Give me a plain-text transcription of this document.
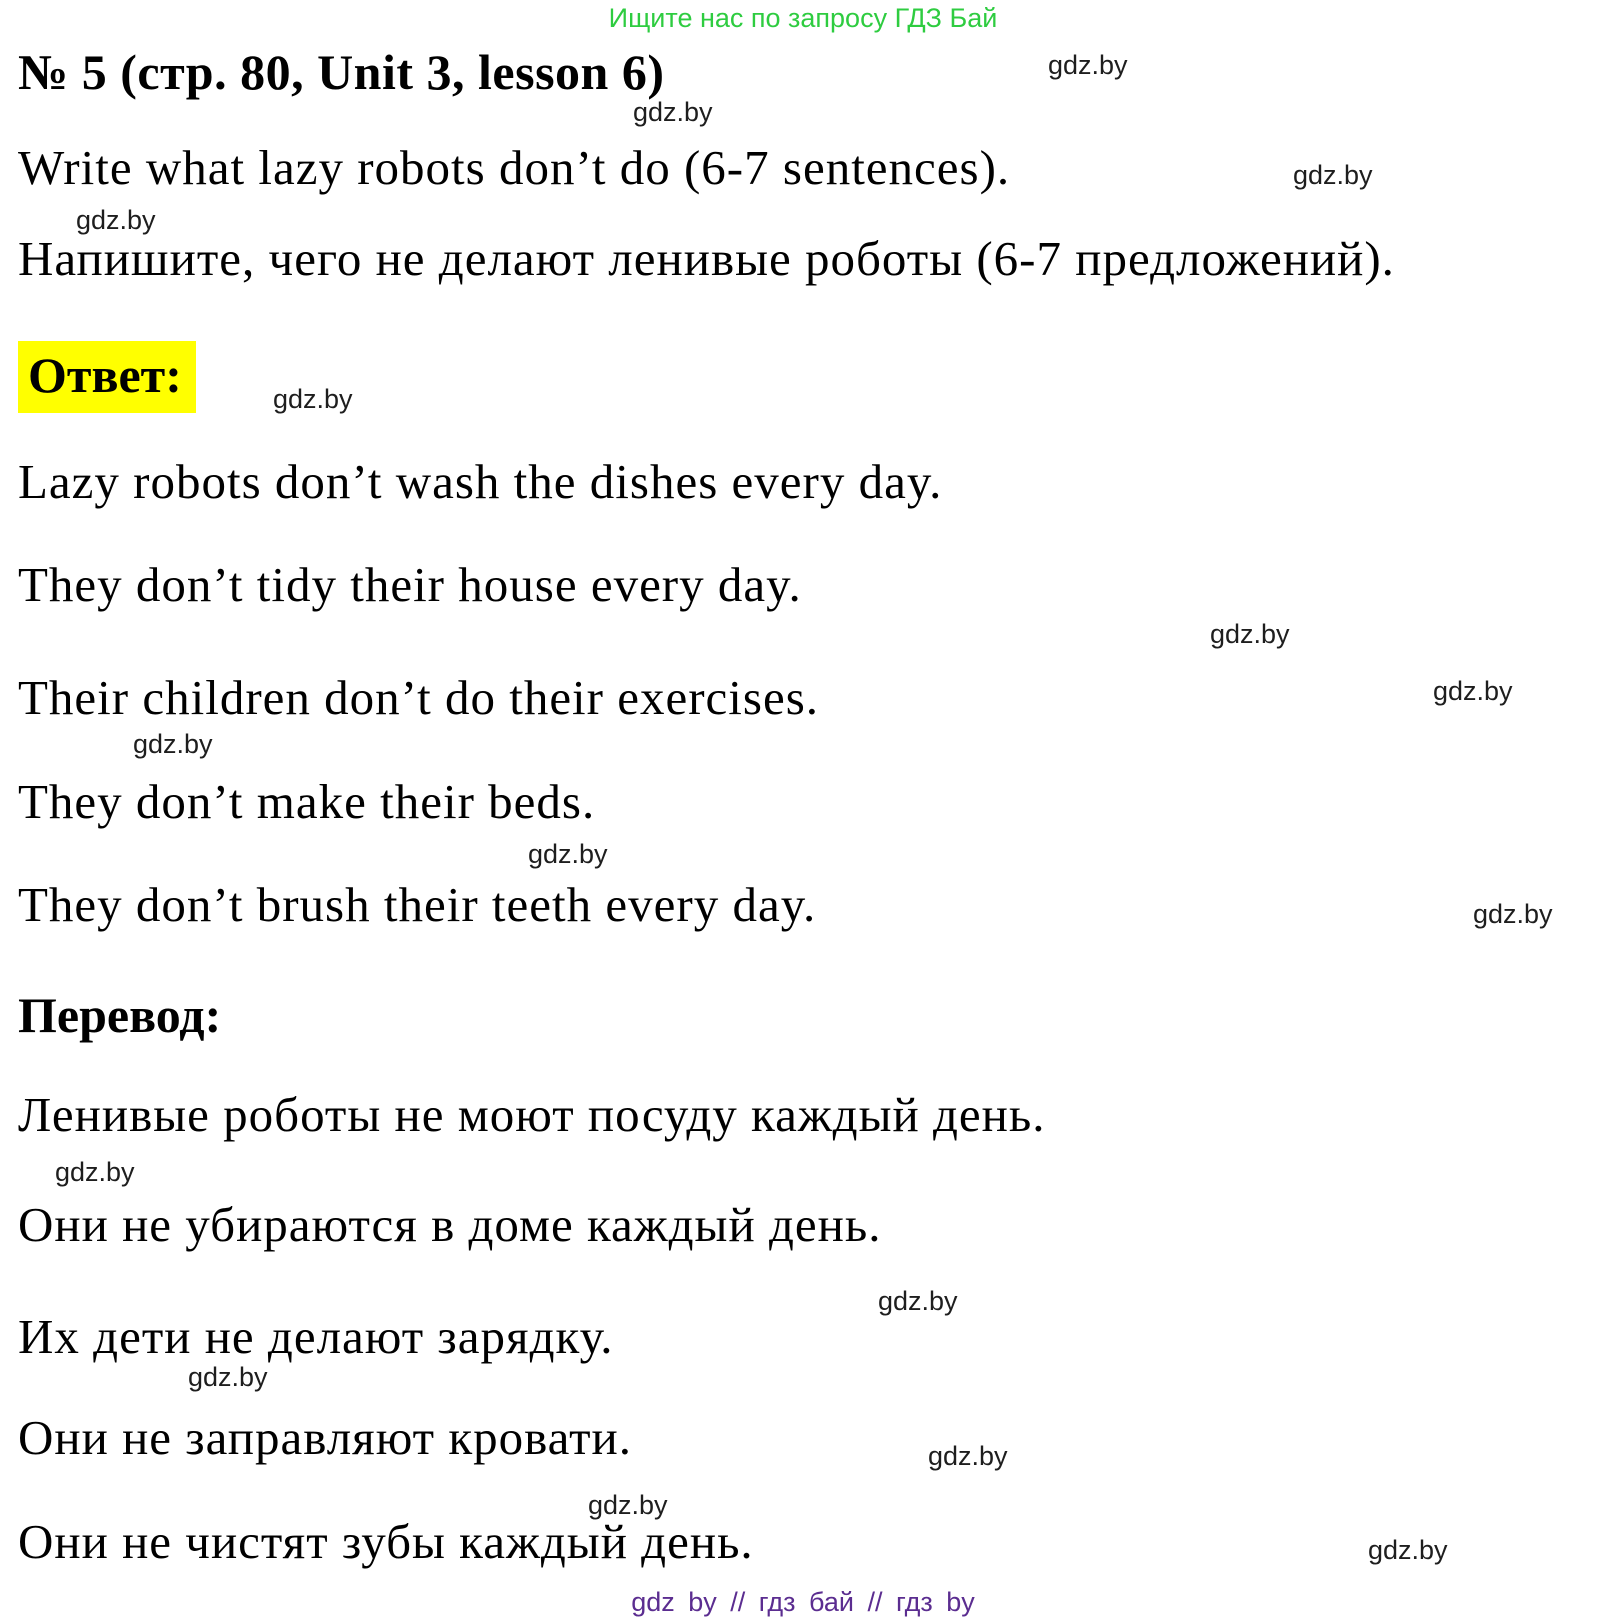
Ищите нас по запросу ГДЗ Бай
№ 5 (стр. 80, Unit 3, lesson 6)
Write what lazy robots don’t do (6-7 sentences).
Напишите, чего не делают ленивые роботы (6-7 предложений).
Ответ:
Lazy robots don’t wash the dishes every day.
They don’t tidy their house every day.
Their children don’t do their exercises.
They don’t make their beds.
They don’t brush their teeth every day.
Перевод:
Ленивые роботы не моют посуду каждый день.
Они не убираются в доме каждый день.
Их дети не делают зарядку.
Они не заправляют кровати.
Они не чистят зубы каждый день.
gdz.by
gdz.by
gdz.by
gdz.by
gdz.by
gdz.by
gdz.by
gdz.by
gdz.by
gdz.by
gdz.by
gdz.by
gdz.by
gdz.by
gdz.by
gdz.by
gdz by // гдз бай // гдз by
